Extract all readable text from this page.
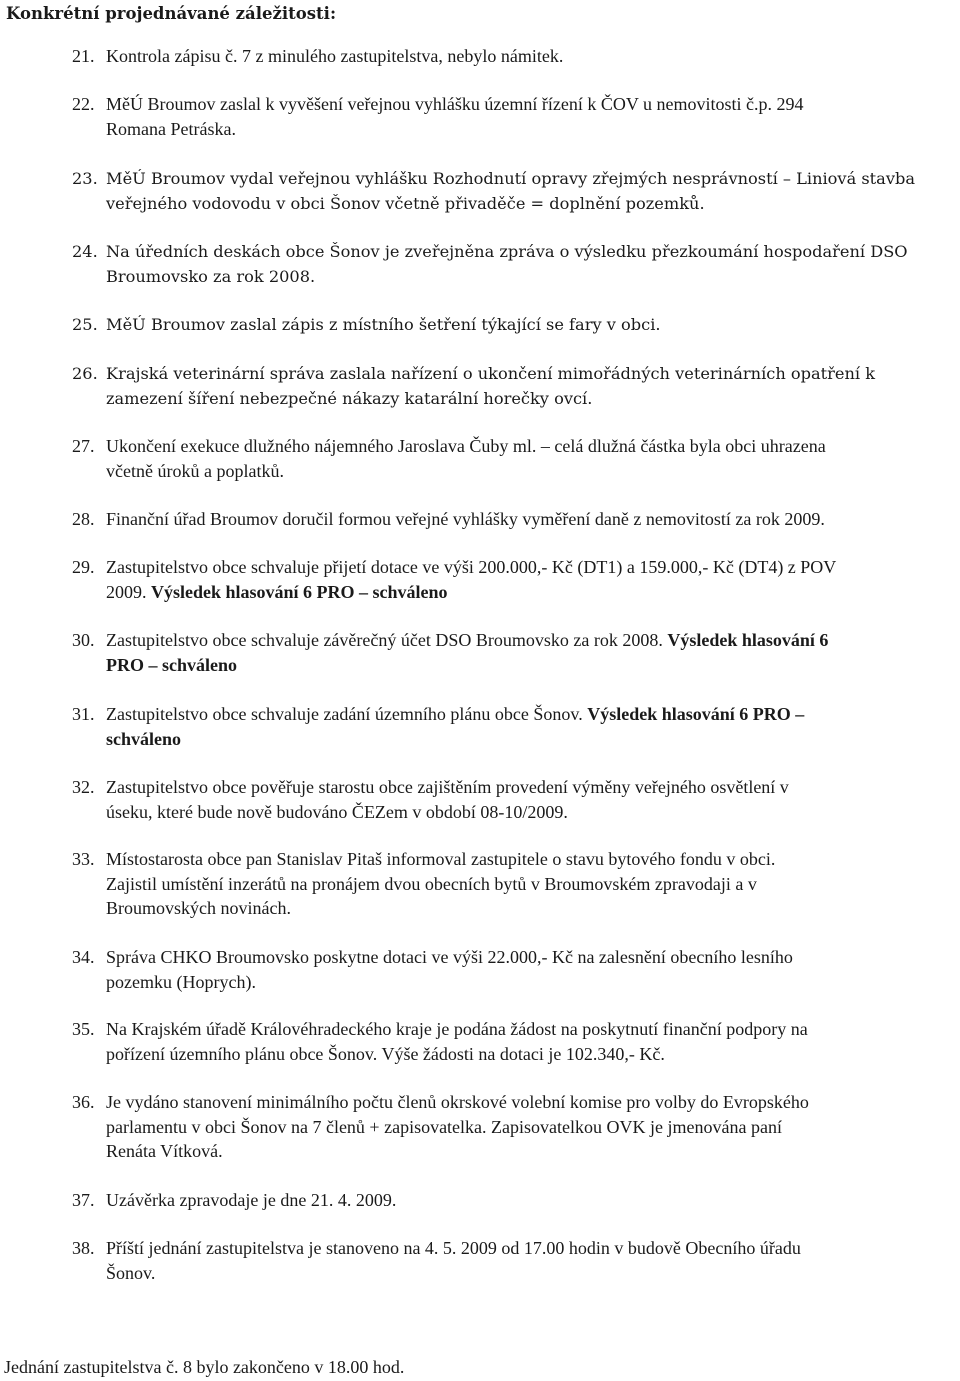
Konkrétní projednávané záležitosti:

21. Kontrola zápisu č. 7 z minulého zastupitelstva, nebylo námitek.
22. MěÚ Broumov zaslal k vyvěšení veřejnou vyhlášku územní řízení k ČOV u nemovitosti č.p. 294
Romana Petráska.
23. MěÚ Broumov vydal veřejnou vyhlášku Rozhodnutí opravy zřejmých nesprávností – Liniová stavba
veřejného vodovodu v obci Šonov včetně přivaděče = doplnění pozemků.
24. Na úředních deskách obce Šonov je zveřejněna zpráva o výsledku přezkoumání hospodaření DSO
Broumovsko za rok 2008.
25. MěÚ Broumov zaslal zápis z místního šetření týkající se fary v obci.
26. Krajská veterinární správa zaslala nařízení o ukončení mimořádných veterinárních opatření k
zamezení šíření nebezpečné nákazy katarální horečky ovcí.
27. Ukončení exekuce dlužného nájemného Jaroslava Čuby ml. – celá dlužná částka byla obci uhrazena
včetně úroků a poplatků.
28. Finanční úřad Broumov doručil formou veřejné vyhlášky vyměření daně z nemovitostí za rok 2009.
29. Zastupitelstvo obce schvaluje přijetí dotace ve výši 200.000,- Kč (DT1) a 159.000,- Kč (DT4) z POV
2009. Výsledek hlasování 6 PRO – schváleno
30. Zastupitelstvo obce schvaluje závěrečný účet DSO Broumovsko za rok 2008. Výsledek hlasování 6
PRO – schváleno
31. Zastupitelstvo obce schvaluje zadání územního plánu obce Šonov. Výsledek hlasování 6 PRO –
schváleno
32. Zastupitelstvo obce pověřuje starostu obce zajištěním provedení výměny veřejného osvětlení v
úseku, které bude nově budováno ČEZem v období 08-10/2009.
33. Místostarosta obce pan Stanislav Pitaš informoval zastupitele o stavu bytového fondu v obci.
Zajistil umístění inzerátů na pronájem dvou obecních bytů v Broumovském zpravodaji a v
Broumovských novinách.
34. Správa CHKO Broumovsko poskytne dotaci ve výši 22.000,- Kč na zalesnění obecního lesního
pozemku (Hoprych).
35. Na Krajském úřadě Královéhradeckého kraje je podána žádost na poskytnutí finanční podpory na
pořízení územního plánu obce Šonov. Výše žádosti na dotaci je 102.340,- Kč.
36. Je vydáno stanovení minimálního počtu členů okrskové volební komise pro volby do Evropského
parlamentu v obci Šonov na 7 členů + zapisovatelka. Zapisovatelkou OVK je jmenována paní
Renáta Vítková.
37. Uzávěrka zpravodaje je dne 21. 4. 2009.
38. Příští jednání zastupitelstva je stanoveno na 4. 5. 2009 od 17.00 hodin v budově Obecního úřadu
Šonov.

Jednání zastupitelstva č. 8 bylo zakončeno v 18.00 hod.
